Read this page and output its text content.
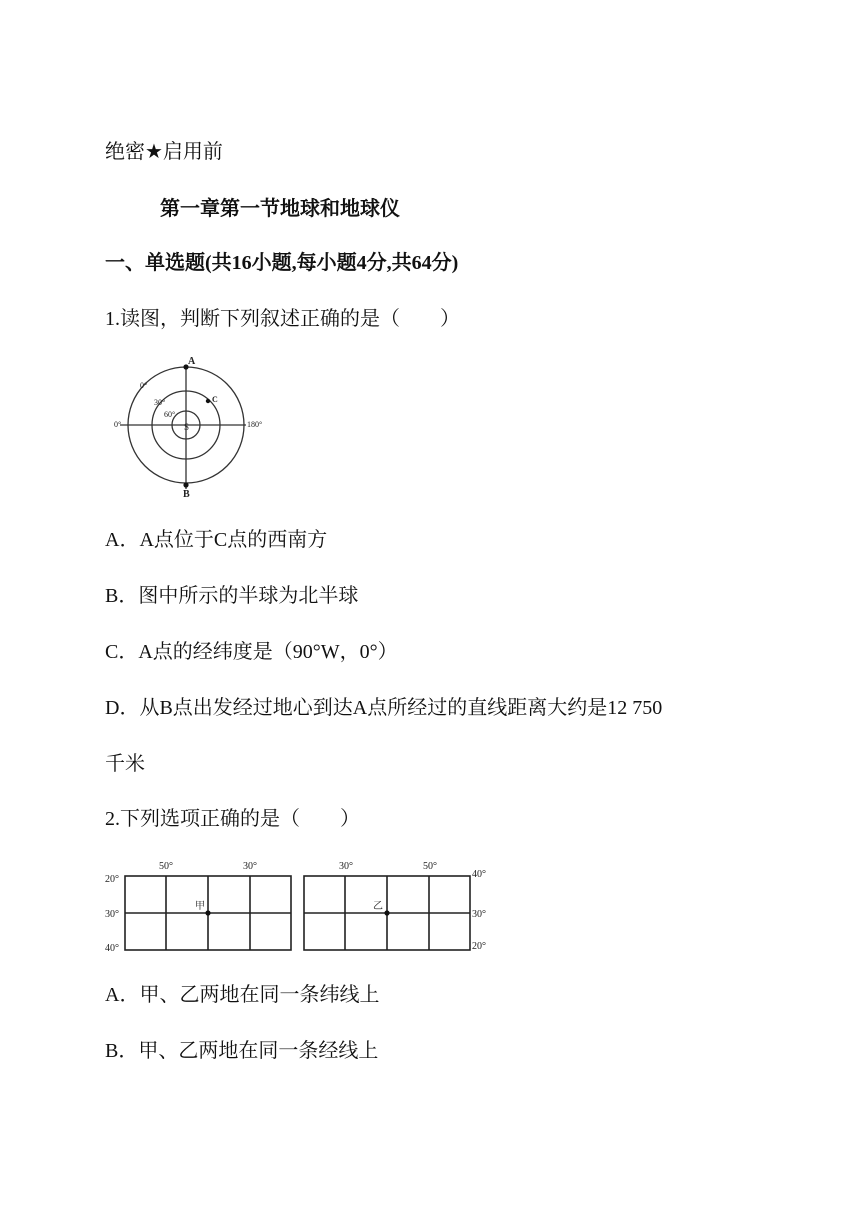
绝密★启用前
第一章第一节地球和地球仪
一、单选题(共16小题,每小题4分,共64分)
1.读图，判断下列叙述正确的是（　　）
A
B
C
S
0°
0°	180°
30°
60°
A．A点位于C点的西南方
B．图中所示的半球为北半球
C．A点的经纬度是（90°W，0°）
D．从B点出发经过地心到达A点所经过的直线距离大约是12 750
千米
2.下列选项正确的是（　　）
50°	30°
20°
30°
40°
甲
30°	50°
40°
30°
20°
乙
A．甲、乙两地在同一条纬线上
B．甲、乙两地在同一条经线上
